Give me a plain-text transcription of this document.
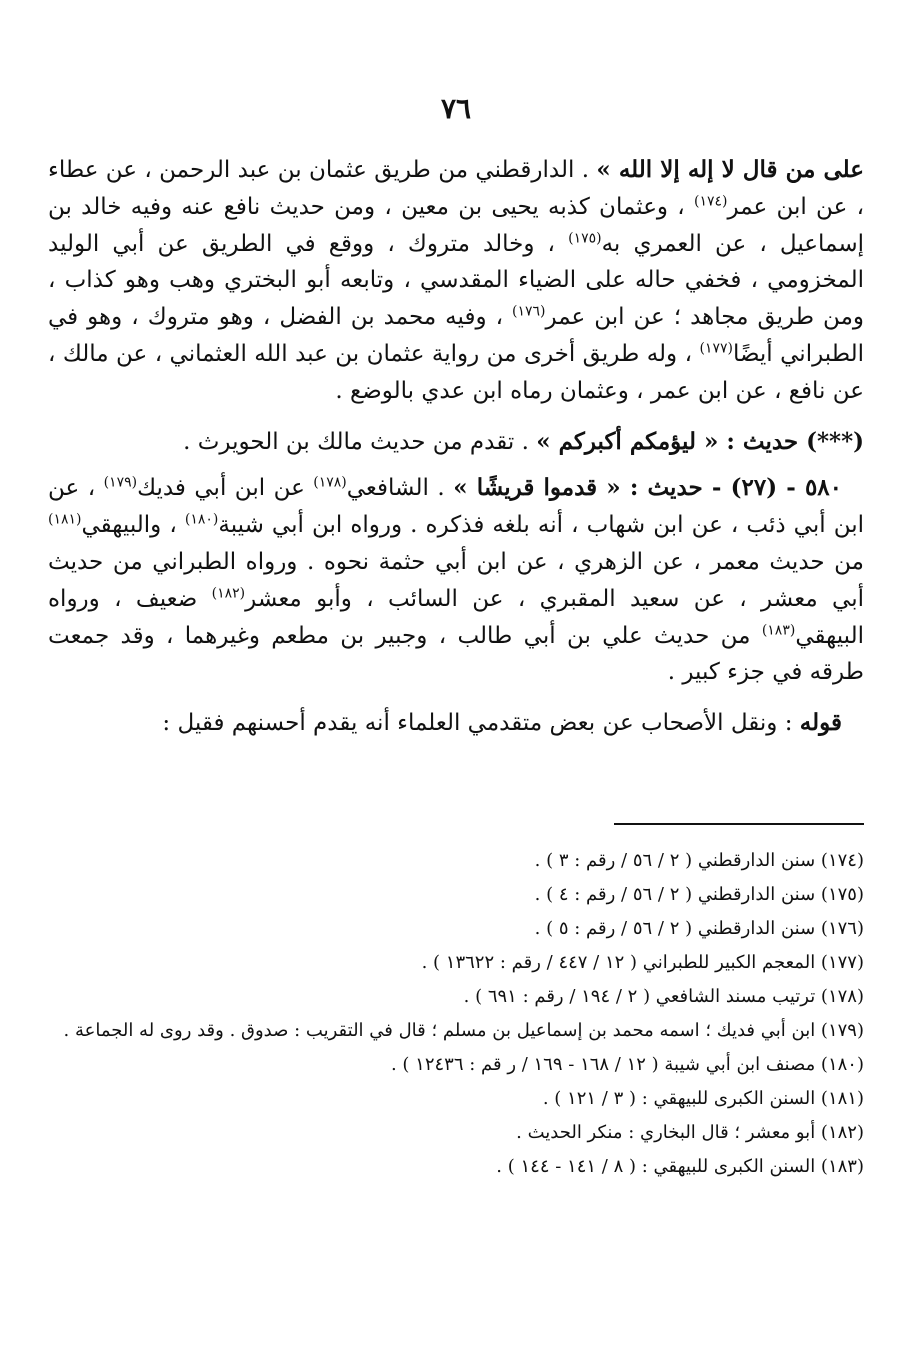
٧٦

على من قال لا إله إلا الله » . الدارقطني من طريق عثمان بن عبد الرحمن ، عن عطاء ، عن ابن عمر$^{(١٧٤)}$ ، وعثمان كذبه يحيى بن معين ، ومن حديث نافع عنه وفيه خالد بن إسماعيل ، عن العمري به$^{(١٧٥)}$ ، وخالد متروك ، ووقع في الطريق عن أبي الوليد المخزومي ، فخفي حاله على الضياء المقدسي ، وتابعه أبو البختري وهب وهو كذاب ، ومن طريق مجاهد ؛ عن ابن عمر$^{(١٧٦)}$ ، وفيه محمد بن الفضل ، وهو متروك ، وهو في الطبراني أيضًا$^{(١٧٧)}$ ، وله طريق أخرى من رواية عثمان بن عبد الله العثماني ، عن مالك ، عن نافع ، عن ابن عمر ، وعثمان رماه ابن عدي بالوضع .

(***) حديث : « ليؤمكم أكبركم » . تقدم من حديث مالك بن الحويرث .

٥٨٠ - (٢٧) - حديث : « قدموا قريشًا » . الشافعي$^{(١٧٨)}$ عن ابن أبي فديك$^{(١٧٩)}$ ، عن ابن أبي ذئب ، عن ابن شهاب ، أنه بلغه فذكره . ورواه ابن أبي شيبة$^{(١٨٠)}$ ، والبيهقي$^{(١٨١)}$ من حديث معمر ، عن الزهري ، عن ابن أبي حثمة نحوه . ورواه الطبراني من حديث أبي معشر ، عن سعيد المقبري ، عن السائب ، وأبو معشر$^{(١٨٢)}$ ضعيف ، ورواه البيهقي$^{(١٨٣)}$ من حديث علي بن أبي طالب ، وجبير بن مطعم وغيرهما ، وقد جمعت طرقه في جزء كبير .

قوله : ونقل الأصحاب عن بعض متقدمي العلماء أنه يقدم أحسنهم فقيل :

(١٧٤) سنن الدارقطني ( ٢ / ٥٦ / رقم : ٣ ) .

(١٧٥) سنن الدارقطني ( ٢ / ٥٦ / رقم : ٤ ) .

(١٧٦) سنن الدارقطني ( ٢ / ٥٦ / رقم : ٥ ) .

(١٧٧) المعجم الكبير للطبراني ( ١٢ / ٤٤٧ / رقم : ١٣٦٢٢ ) .

(١٧٨) ترتيب مسند الشافعي ( ٢ / ١٩٤ / رقم : ٦٩١ ) .

(١٧٩) ابن أبي فديك ؛ اسمه محمد بن إسماعيل بن مسلم ؛ قال في التقريب : صدوق . وقد روى له الجماعة .

(١٨٠) مصنف ابن أبي شيبة ( ١٢ / ١٦٨ - ١٦٩ / ر قم : ١٢٤٣٦ ) .

(١٨١) السنن الكبرى للبيهقي : ( ٣ / ١٢١ ) .

(١٨٢) أبو معشر ؛ قال البخاري : منكر الحديث .

(١٨٣) السنن الكبرى للبيهقي : ( ٨ / ١٤١ - ١٤٤ ) .
